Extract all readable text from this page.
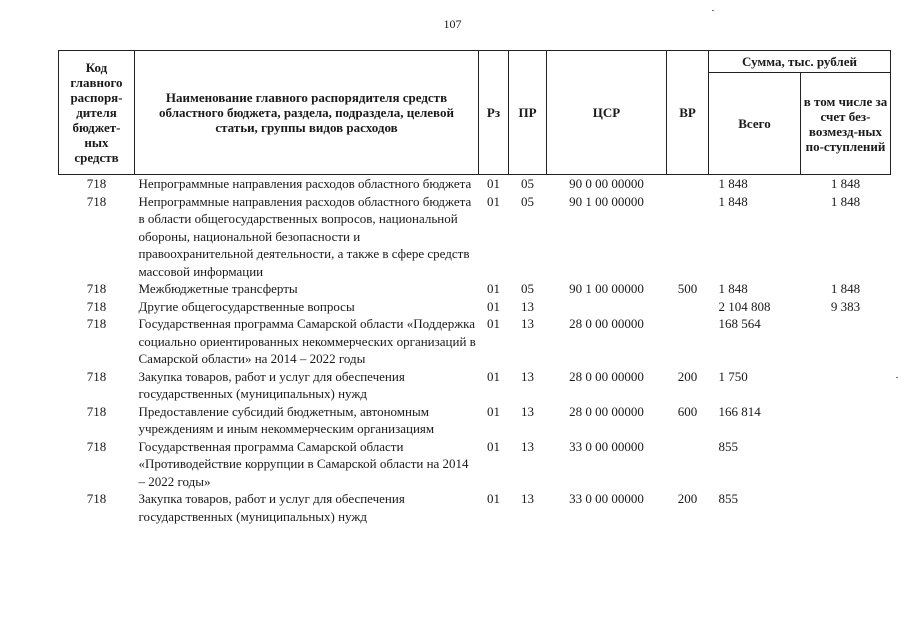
107
Код главного распоря-дителя бюджет-ных средств	Наименование главного распорядителя средств областного бюджета, раздела, подраздела, целевой статьи, группы видов расходов	Рз	ПР	ЦСР	ВР	Сумма, тыс. рублей	
						Всего	в том числе за счет без-возмезд-ных по-ступлений
718	Непрограммные направления расходов областного бюджета	01	05	90 0 00 00000		1 848	1 848
718	Непрограммные направления расходов областного бюджета в области общегосударственных вопросов, национальной обороны, национальной безопасности и правоохранительной деятельности, а также в сфере средств массовой информации	01	05	90 1 00 00000		1 848	1 848
718	Межбюджетные трансферты	01	05	90 1 00 00000	500	1 848	1 848
718	Другие общегосударственные вопросы	01	13			2 104 808	9 383
718	Государственная программа Самарской области «Поддержка социально ориентированных некоммерческих организаций в Самарской области» на 2014 – 2022 годы	01	13	28 0 00 00000		168 564	
718	Закупка товаров, работ и услуг для обеспечения государственных (муниципальных) нужд	01	13	28 0 00 00000	200	1 750	
718	Предоставление субсидий бюджетным, автономным учреждениям и иным некоммерческим организациям	01	13	28 0 00 00000	600	166 814	
718	Государственная программа Самарской области «Противодействие коррупции в Самарской области на 2014 – 2022 годы»	01	13	33 0 00 00000		855	
718	Закупка товаров, работ и услуг для обеспечения государственных (муниципальных) нужд	01	13	33 0 00 00000	200	855	
